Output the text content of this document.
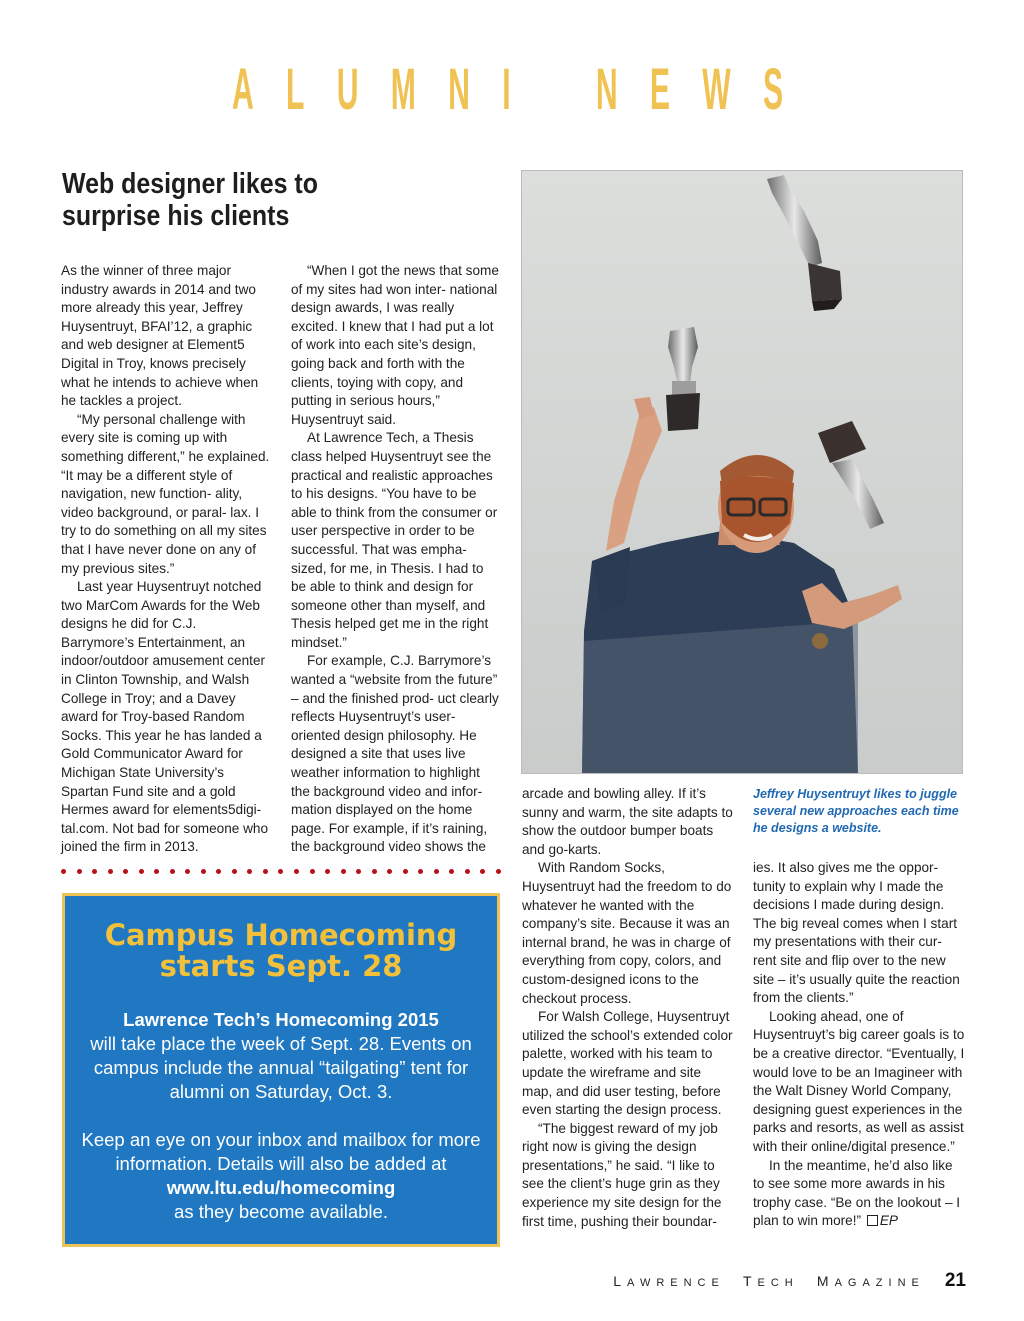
A L U M N I N E W S
Web designer likes to
surprise his clients

As the winner of three major industry awards in 2014 and two more already this year, Jeffrey Huysentruyt, BFAI’12, a graphic and web designer at Element5 Digital in Troy, knows precisely what he intends to achieve when he tackles a project.

“My personal challenge with every site is coming up with something different,” he explained. “It may be a different style of navigation, new function- ality, video background, or paral- lax. I try to do something on all my sites that I have never done on any of my previous sites.”

Last year Huysentruyt notched two MarCom Awards for the Web designs he did for C.J. Barrymore’s Entertainment, an indoor/outdoor amusement center in Clinton Township, and Walsh College in Troy; and a Davey award for Troy-based Random Socks. This year he has landed a Gold Communicator Award for Michigan State University’s Spartan Fund site and a gold Hermes award for elements5digi- tal.com. Not bad for someone who joined the firm in 2013.

“When I got the news that some of my sites had won inter- national design awards, I was really excited. I knew that I had put a lot of work into each site’s design, going back and forth with the clients, toying with copy, and putting in serious hours,” Huysentruyt said.

At Lawrence Tech, a Thesis class helped Huysentruyt see the practical and realistic approaches to his designs. “You have to be able to think from the consumer or user perspective in order to be successful. That was empha- sized, for me, in Thesis. I had to be able to think and design for someone other than myself, and Thesis helped get me in the right mindset.”

For example, C.J. Barrymore’s wanted a “website from the future” – and the finished prod- uct clearly reflects Huysentruyt’s user-oriented design philosophy. He designed a site that uses live weather information to highlight the background video and infor- mation displayed on the home page. For example, if it’s raining, the background video shows the

Jeffrey Huysentruyt likes to juggle several new approaches each time he designs a website.

arcade and bowling alley. If it’s sunny and warm, the site adapts to show the outdoor bumper boats and go-karts.

With Random Socks, Huysentruyt had the freedom to do whatever he wanted with the company’s site. Because it was an internal brand, he was in charge of everything from copy, colors, and custom-designed icons to the checkout process.

For Walsh College, Huysentruyt utilized the school’s extended color palette, worked with his team to update the wireframe and site map, and did user testing, before even starting the design process.

“The biggest reward of my job right now is giving the design presentations,” he said. “I like to see the client’s huge grin as they experience my site design for the first time, pushing their boundar-

ies. It also gives me the oppor- tunity to explain why I made the decisions I made during design. The big reveal comes when I start my presentations with their cur- rent site and flip over to the new site – it’s usually quite the reaction from the clients.”

Looking ahead, one of Huysentruyt’s big career goals is to be a creative director. “Eventually, I would love to be an Imagineer with the Walt Disney World Company, designing guest experiences in the parks and resorts, as well as assist with their online/digital presence.”

In the meantime, he’d also like to see some more awards in his trophy case. “Be on the lookout – I plan to win more!” EP

Campus Homecoming
starts Sept. 28

Lawrence Tech’s Homecoming 2015
will take place the week of Sept. 28. Events on campus include the annual “tailgating” tent for alumni on Saturday, Oct. 3.

Keep an eye on your inbox and mailbox for more information. Details will also be added at www.ltu.edu/homecoming
as they become available.

LAWRENCE TECH MAGAZINE 21
